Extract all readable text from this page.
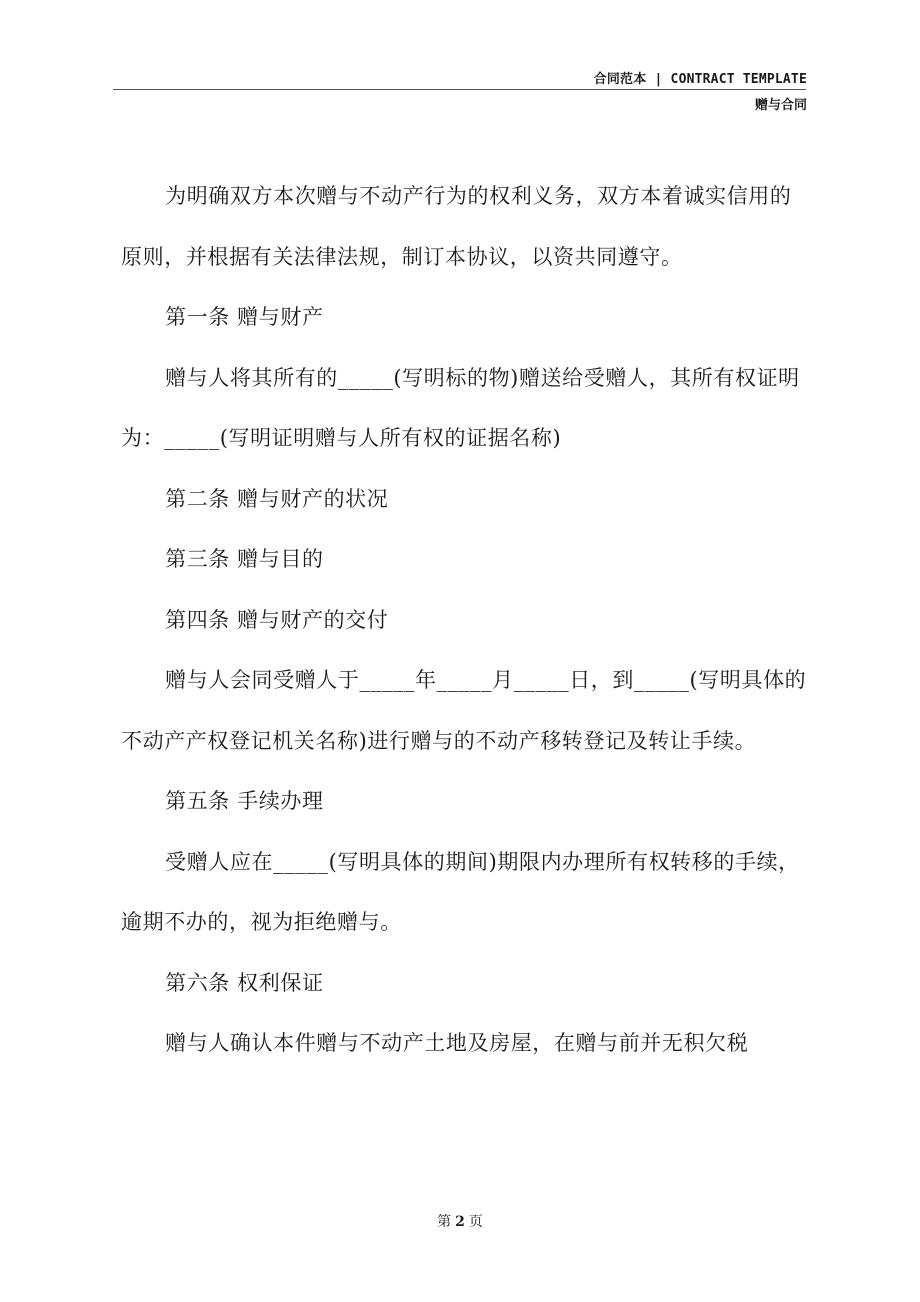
合同范本 | CONTRACT TEMPLATE
赠与合同

为明确双方本次赠与不动产行为的权利义务，双方本着诚实信用的原则，并根据有关法律法规，制订本协议，以资共同遵守。

第一条 赠与财产

赠与人将其所有的_____(写明标的物)赠送给受赠人，其所有权证明为：_____(写明证明赠与人所有权的证据名称)

第二条 赠与财产的状况

第三条 赠与目的

第四条 赠与财产的交付

赠与人会同受赠人于_____年_____月_____日，到_____(写明具体的不动产产权登记机关名称)进行赠与的不动产移转登记及转让手续。

第五条 手续办理

受赠人应在_____(写明具体的期间)期限内办理所有权转移的手续，逾期不办的，视为拒绝赠与。

第六条 权利保证

赠与人确认本件赠与不动产土地及房屋，在赠与前并无积欠税

第 2 页
